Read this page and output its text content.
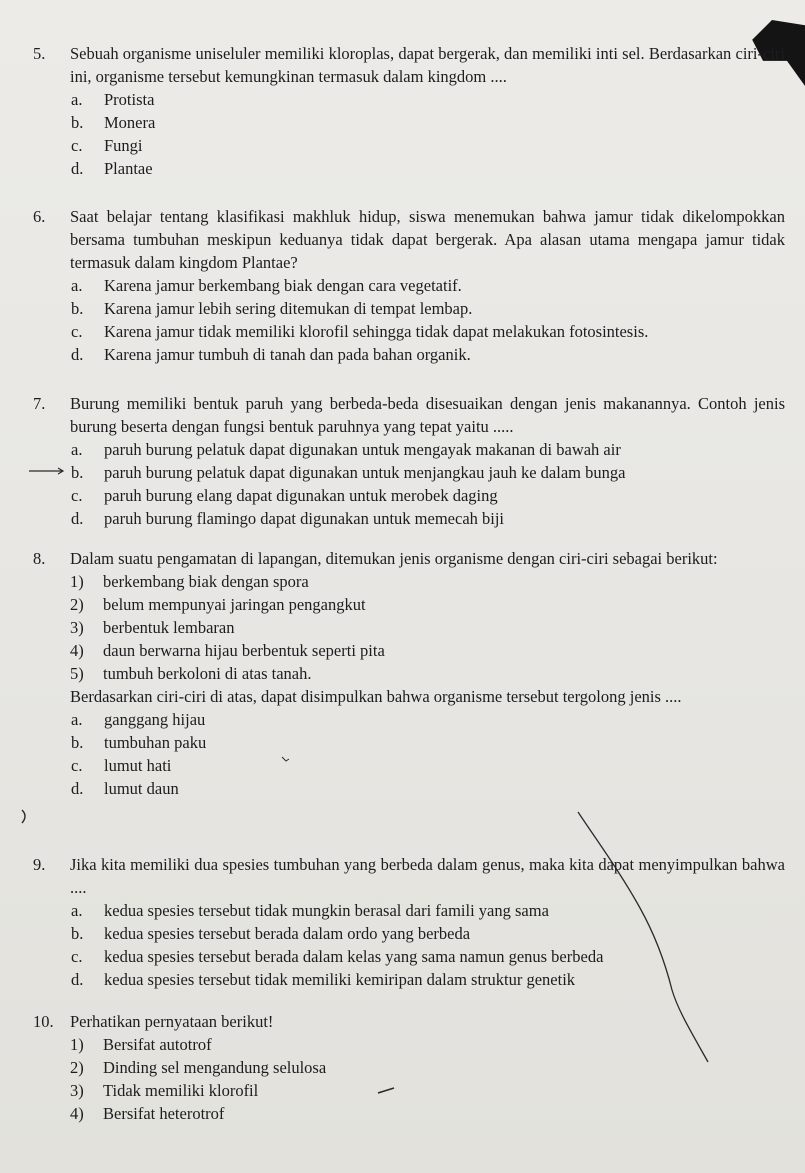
5.	Sebuah organisme uniseluler memiliki kloroplas, dapat bergerak, dan memiliki inti sel. Berdasarkan ciri-ciri ini, organisme tersebut kemungkinan termasuk dalam kingdom ....
a.	Protista
b.	Monera
c.	Fungi
d.	Plantae
6.	Saat belajar tentang klasifikasi makhluk hidup, siswa menemukan bahwa jamur tidak dikelompokkan bersama tumbuhan meskipun keduanya tidak dapat bergerak. Apa alasan utama mengapa jamur tidak termasuk dalam kingdom Plantae?
a.	Karena jamur berkembang biak dengan cara vegetatif.
b.	Karena jamur lebih sering ditemukan di tempat lembap.
c.	Karena jamur tidak memiliki klorofil sehingga tidak dapat melakukan fotosintesis.
d.	Karena jamur tumbuh di tanah dan pada bahan organik.
7.	Burung memiliki bentuk paruh yang berbeda-beda disesuaikan dengan jenis makanannya. Contoh jenis burung beserta dengan fungsi bentuk paruhnya yang tepat yaitu .....
a.	paruh burung pelatuk dapat digunakan untuk mengayak makanan di bawah air
b.	paruh burung pelatuk dapat digunakan untuk menjangkau jauh ke dalam bunga
c.	paruh burung elang dapat digunakan untuk merobek daging
d.	paruh burung flamingo dapat digunakan untuk memecah biji
8.	Dalam suatu pengamatan di lapangan, ditemukan jenis organisme dengan ciri-ciri sebagai berikut:
1)	berkembang biak dengan spora
2)	belum mempunyai jaringan pengangkut
3)	berbentuk lembaran
4)	daun berwarna hijau berbentuk seperti pita
5)	tumbuh berkoloni di atas tanah.
Berdasarkan ciri-ciri di atas, dapat disimpulkan bahwa organisme tersebut tergolong jenis ....
a.	ganggang hijau
b.	tumbuhan paku
c.	lumut hati
d.	lumut daun
9.	Jika kita memiliki dua spesies tumbuhan yang berbeda dalam genus, maka kita dapat menyimpulkan bahwa ....
a.	kedua spesies tersebut tidak mungkin berasal dari famili yang sama
b.	kedua spesies tersebut berada dalam ordo yang berbeda
c.	kedua spesies tersebut berada dalam kelas yang sama namun genus berbeda
d.	kedua spesies tersebut tidak memiliki kemiripan dalam struktur genetik
10. Perhatikan pernyataan berikut!
1)	Bersifat autotrof
2)	Dinding sel mengandung selulosa
3)	Tidak memiliki klorofil
4)	Bersifat heterotrof
